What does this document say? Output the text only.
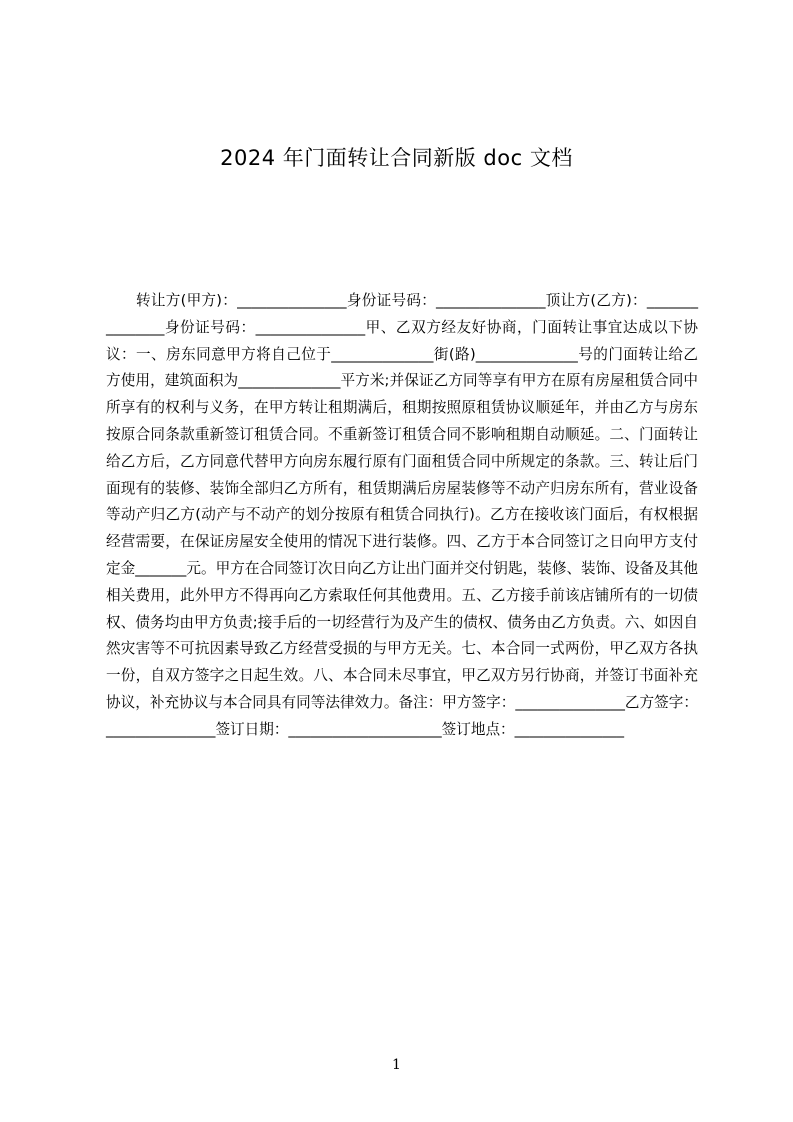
2024 年门面转让合同新版 doc 文档

转让方(甲方)：_______________身份证号码：_______________顶让方(乙方)：_______________身份证号码：_______________甲、乙双方经友好协商，门面转让事宜达成以下协议：一、房东同意甲方将自己位于______________街(路)______________号的门面转让给乙方使用，建筑面积为______________平方米;并保证乙方同等享有甲方在原有房屋租赁合同中所享有的权利与义务，在甲方转让租期满后，租期按照原租赁协议顺延年，并由乙方与房东按原合同条款重新签订租赁合同。不重新签订租赁合同不影响租期自动顺延。二、门面转让给乙方后，乙方同意代替甲方向房东履行原有门面租赁合同中所规定的条款。三、转让后门面现有的装修、装饰全部归乙方所有，租赁期满后房屋装修等不动产归房东所有，营业设备等动产归乙方(动产与不动产的划分按原有租赁合同执行)。乙方在接收该门面后，有权根据经营需要，在保证房屋安全使用的情况下进行装修。四、乙方于本合同签订之日向甲方支付定金_______元。甲方在合同签订次日向乙方让出门面并交付钥匙，装修、装饰、设备及其他相关费用，此外甲方不得再向乙方索取任何其他费用。五、乙方接手前该店铺所有的一切债权、债务均由甲方负责;接手后的一切经营行为及产生的债权、债务由乙方负责。六、如因自然灾害等不可抗因素导致乙方经营受损的与甲方无关。七、本合同一式两份，甲乙双方各执一份，自双方签字之日起生效。八、本合同未尽事宜，甲乙双方另行协商，并签订书面补充协议，补充协议与本合同具有同等法律效力。备注：甲方签字：_______________乙方签字：_______________签订日期：_____________________签订地点：_______________

1
